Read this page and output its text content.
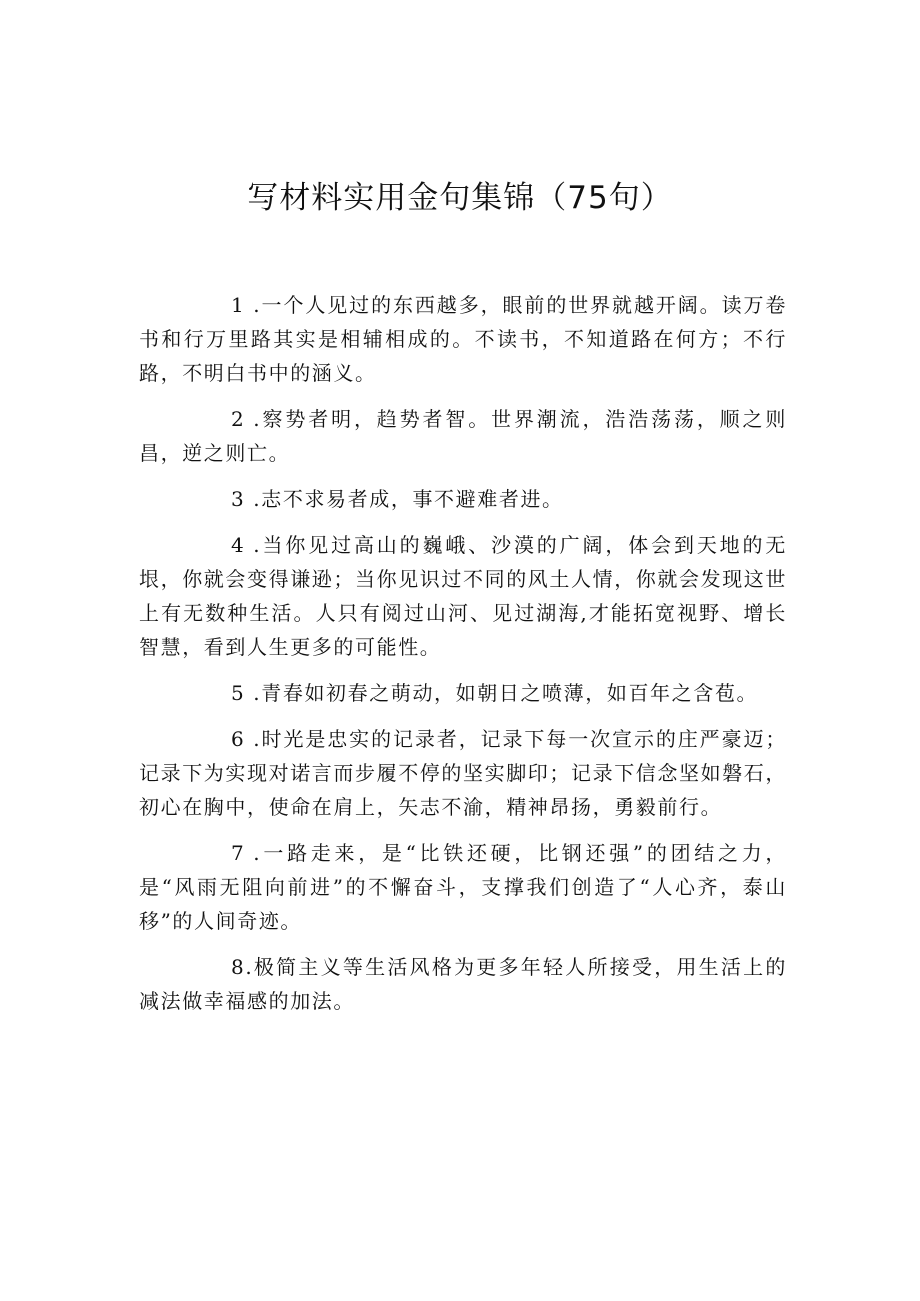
写材料实用金句集锦（75句）

1 .一个人见过的东西越多，眼前的世界就越开阔。读万卷书和行万里路其实是相辅相成的。不读书，不知道路在何方；不行路，不明白书中的涵义。

2 .察势者明，趋势者智。世界潮流，浩浩荡荡，顺之则昌，逆之则亡。

3 .志不求易者成，事不避难者进。

4 .当你见过高山的巍峨、沙漠的广阔，体会到天地的无垠，你就会变得谦逊；当你见识过不同的风土人情，你就会发现这世上有无数种生活。人只有阅过山河、见过湖海,才能拓宽视野、增长智慧，看到人生更多的可能性。

5 .青春如初春之萌动，如朝日之喷薄，如百年之含苞。

6 .时光是忠实的记录者，记录下每一次宣示的庄严豪迈；记录下为实现对诺言而步履不停的坚实脚印；记录下信念坚如磐石，初心在胸中，使命在肩上，矢志不渝，精神昂扬，勇毅前行。

7 .一路走来，是“比铁还硬，比钢还强”的团结之力，是“风雨无阻向前进”的不懈奋斗，支撑我们创造了“人心齐，泰山移”的人间奇迹。

8.极简主义等生活风格为更多年轻人所接受，用生活上的减法做幸福感的加法。
